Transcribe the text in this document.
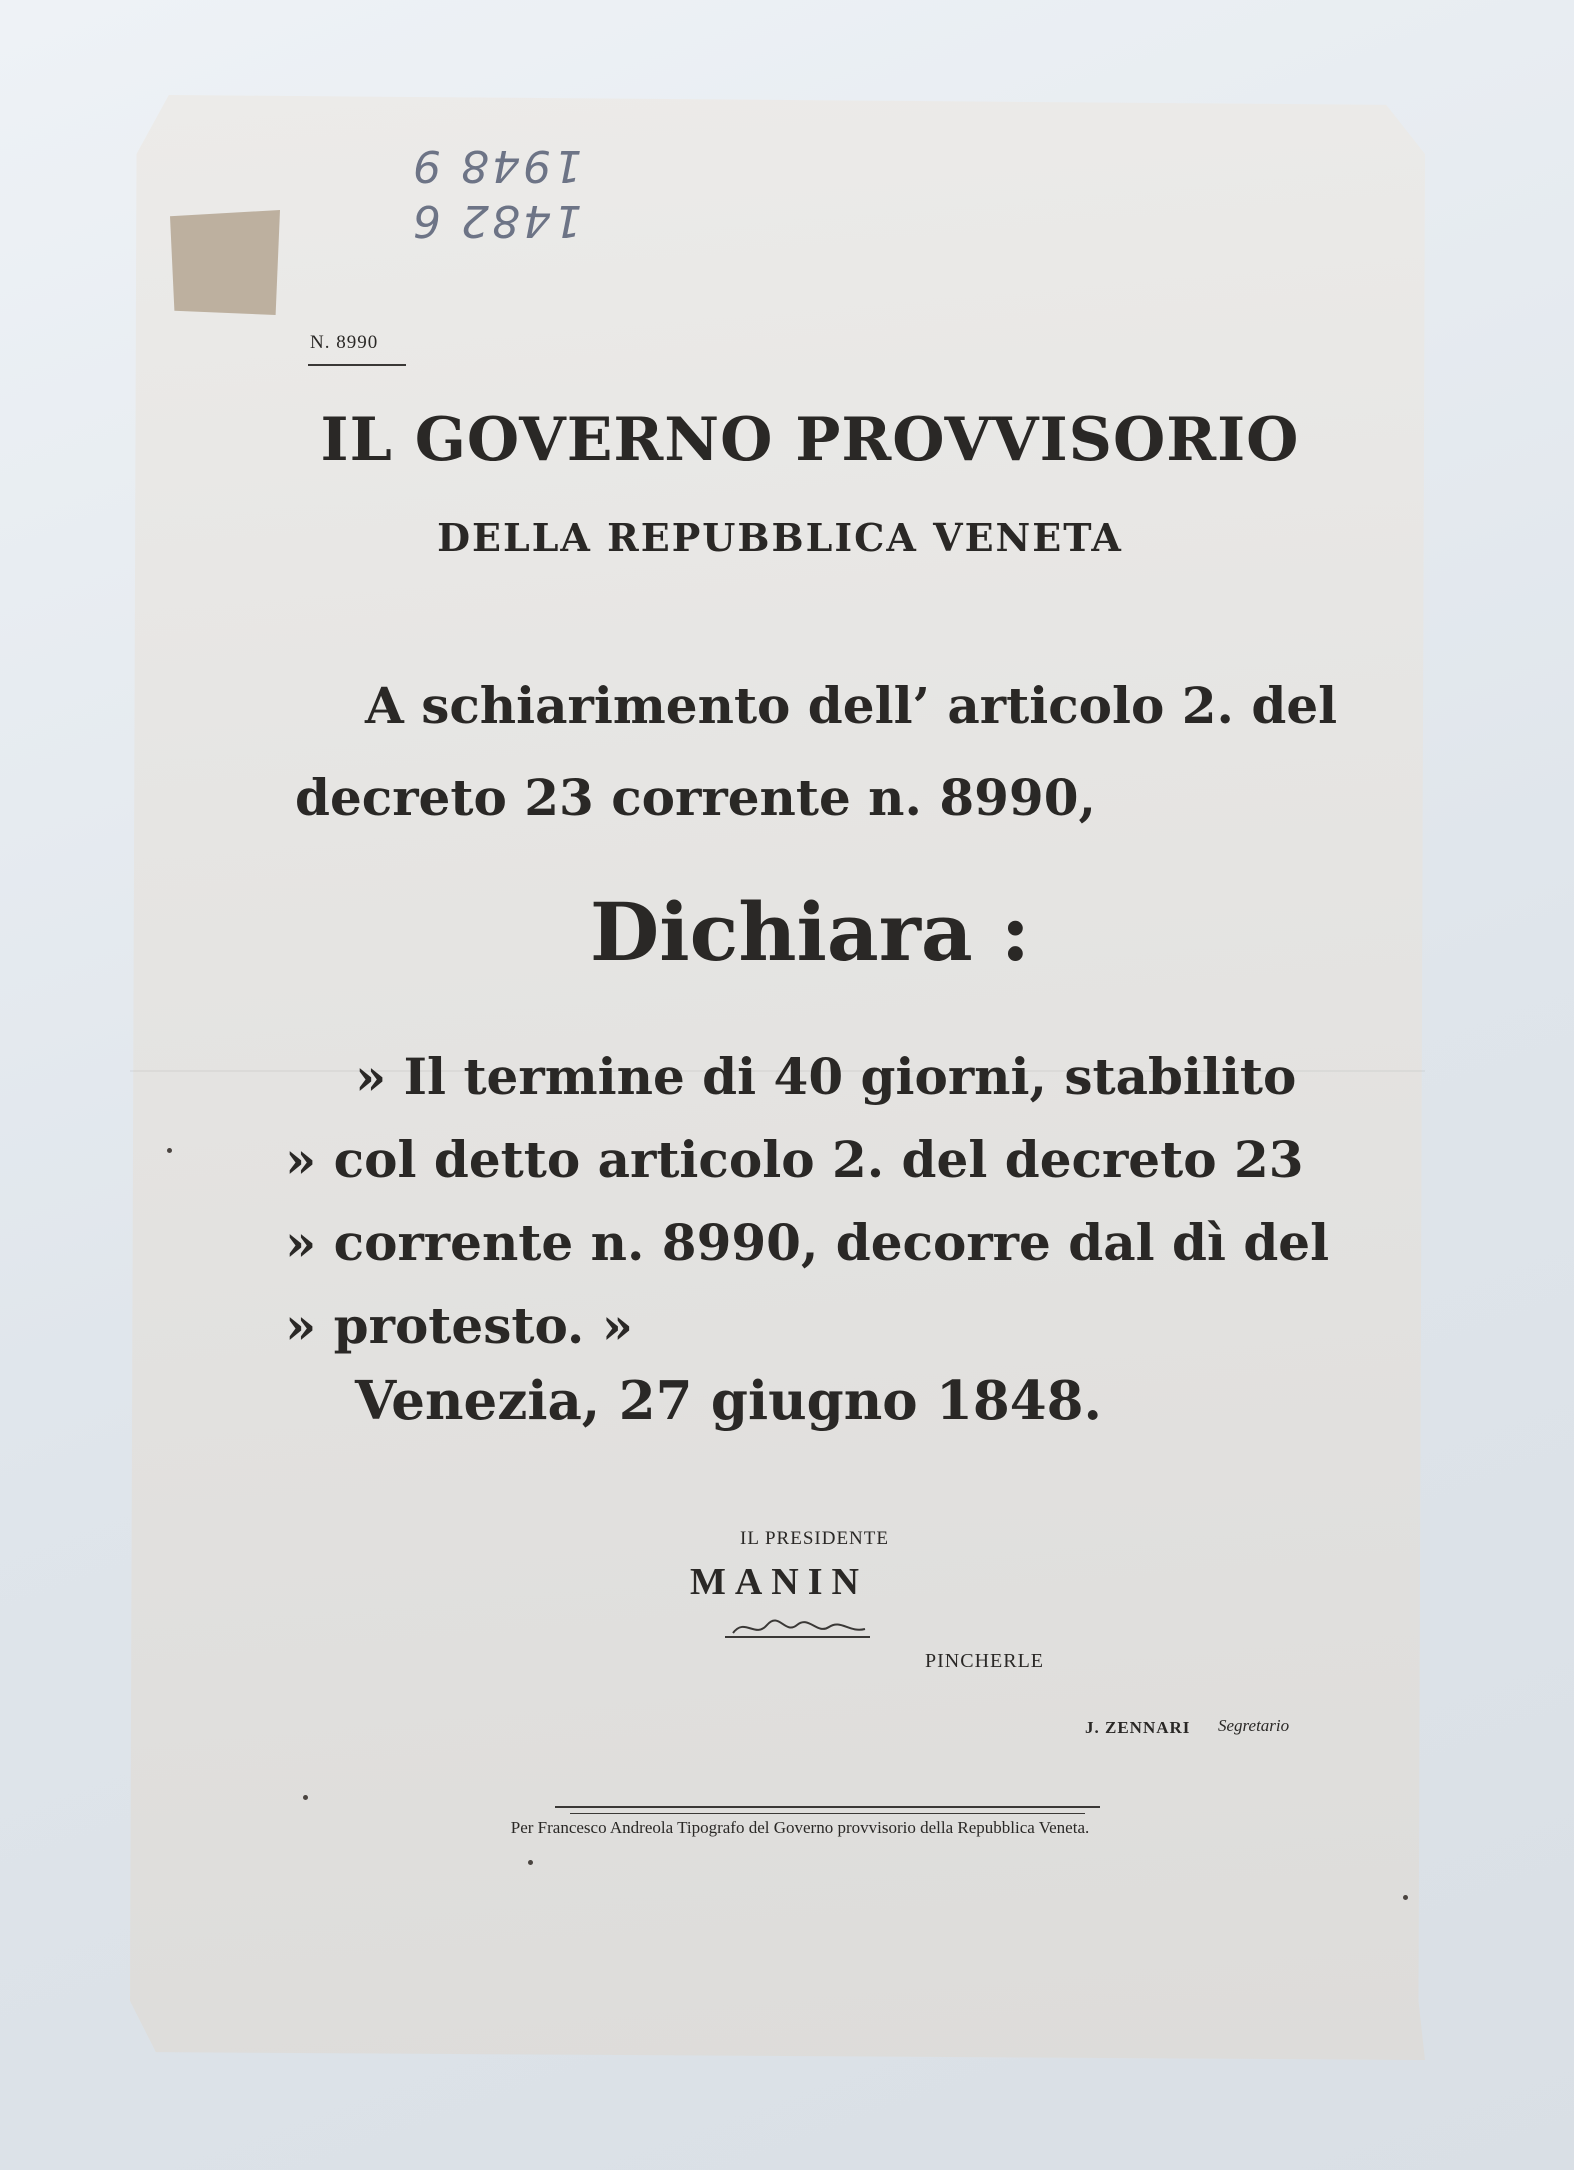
1948 9
1482 6
N. 8990
IL GOVERNO PROVVISORIO
DELLA REPUBBLICA VENETA
A schiarimento dell’ articolo 2. del
decreto 23 corrente n. 8990,
Dichiara :
» Il termine di 40 giorni, stabilito
» col detto articolo 2. del decreto 23
» corrente n. 8990, decorre dal dì del
» protesto. »
Venezia, 27 giugno 1848.
IL PRESIDENTE
MANIN
PINCHERLE
J. ZENNARI Segretario
Per Francesco Andreola Tipografo del Governo provvisorio della Repubblica Veneta.
